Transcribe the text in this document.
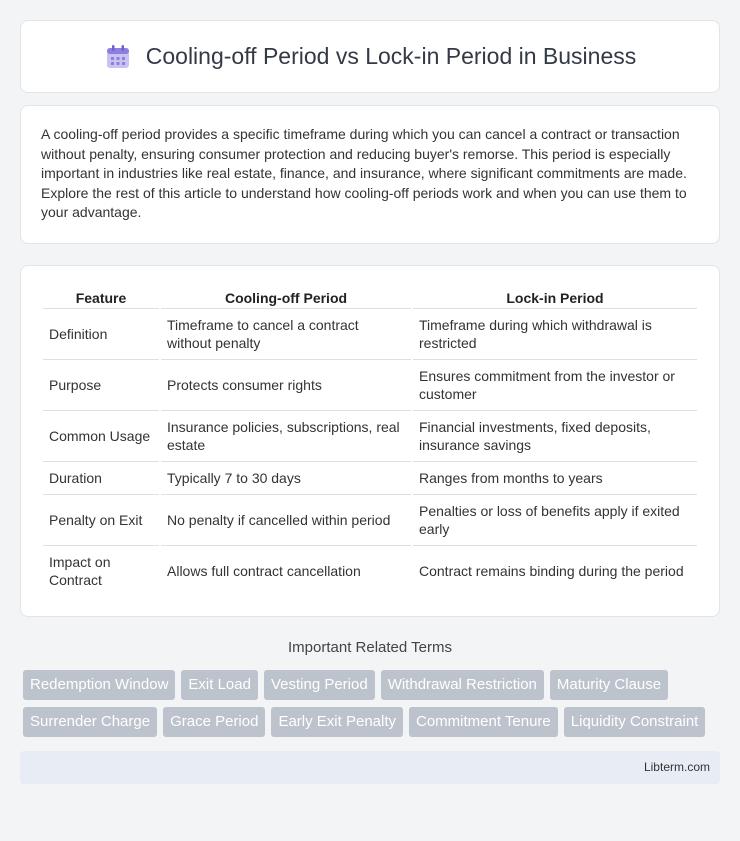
Cooling-off Period vs Lock-in Period in Business

A cooling-off period provides a specific timeframe during which you can cancel a contract or transaction without penalty, ensuring consumer protection and reducing buyer's remorse. This period is especially important in industries like real estate, finance, and insurance, where significant commitments are made. Explore the rest of this article to understand how cooling-off periods work and when you can use them to your advantage.

Feature	Cooling-off Period	Lock-in Period
Definition	Timeframe to cancel a contract without penalty	Timeframe during which withdrawal is restricted
Purpose	Protects consumer rights	Ensures commitment from the investor or customer
Common Usage	Insurance policies, subscriptions, real estate	Financial investments, fixed deposits, insurance savings
Duration	Typically 7 to 30 days	Ranges from months to years
Penalty on Exit	No penalty if cancelled within period	Penalties or loss of benefits apply if exited early
Impact on Contract	Allows full contract cancellation	Contract remains binding during the period
Important Related Terms
Redemption Window	Exit Load	Vesting Period	Withdrawal Restriction	Maturity Clause
Surrender Charge	Grace Period	Early Exit Penalty	Commitment Tenure	Liquidity Constraint
Libterm.com
